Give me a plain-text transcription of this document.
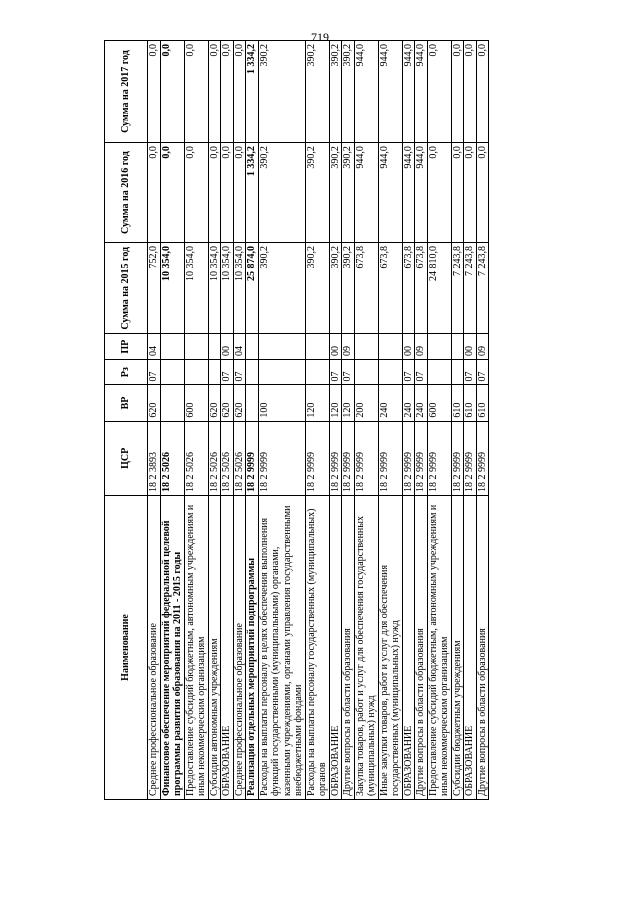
719
Наименование	ЦСР	ВР	Рз	ПР	Сумма на 2015 год	Сумма на 2016 год	Сумма на 2017 год
Среднее профессиональное образование	18 2 3893	620	07	04	752,0	0,0	0,0
Финансовое обеспечение мероприятий федеральной целевой программы развития образования на 2011 - 2015 годы	18 2 5026				10 354,0	0,0	0,0
Предоставление субсидий бюджетным, автономным учреждениям и иным некоммерческим организациям	18 2 5026	600			10 354,0	0,0	0,0
Субсидии автономным учреждениям	18 2 5026	620			10 354,0	0,0	0,0
ОБРАЗОВАНИЕ	18 2 5026	620	07	00	10 354,0	0,0	0,0
Среднее профессиональное образование	18 2 5026	620	07	04	10 354,0	0,0	0,0
Реализация отдельных мероприятий подпрограммы	18 2 9999				25 874,0	1 334,2	1 334,2
Расходы на выплаты персоналу в целях обеспечения выполнения функций государственными (муниципальными) органами, казенными учреждениями, органами управления государственными внебюджетными фондами	18 2 9999	100			390,2	390,2	390,2
Расходы на выплаты персоналу государственных (муниципальных) органов	18 2 9999	120			390,2	390,2	390,2
ОБРАЗОВАНИЕ	18 2 9999	120	07	00	390,2	390,2	390,2
Другие вопросы в области образования	18 2 9999	120	07	09	390,2	390,2	390,2
Закупка товаров, работ и услуг для обеспечения государственных (муниципальных) нужд	18 2 9999	200			673,8	944,0	944,0
Иные закупки товаров, работ и услуг для обеспечения государственных (муниципальных) нужд	18 2 9999	240			673,8	944,0	944,0
ОБРАЗОВАНИЕ	18 2 9999	240	07	00	673,8	944,0	944,0
Другие вопросы в области образования	18 2 9999	240	07	09	673,8	944,0	944,0
Предоставление субсидий бюджетным, автономным учреждениям и иным некоммерческим организациям	18 2 9999	600			24 810,0	0,0	0,0
Субсидии бюджетным учреждениям	18 2 9999	610			7 243,8	0,0	0,0
ОБРАЗОВАНИЕ	18 2 9999	610	07	00	7 243,8	0,0	0,0
Другие вопросы в области образования	18 2 9999	610	07	09	7 243,8	0,0	0,0
